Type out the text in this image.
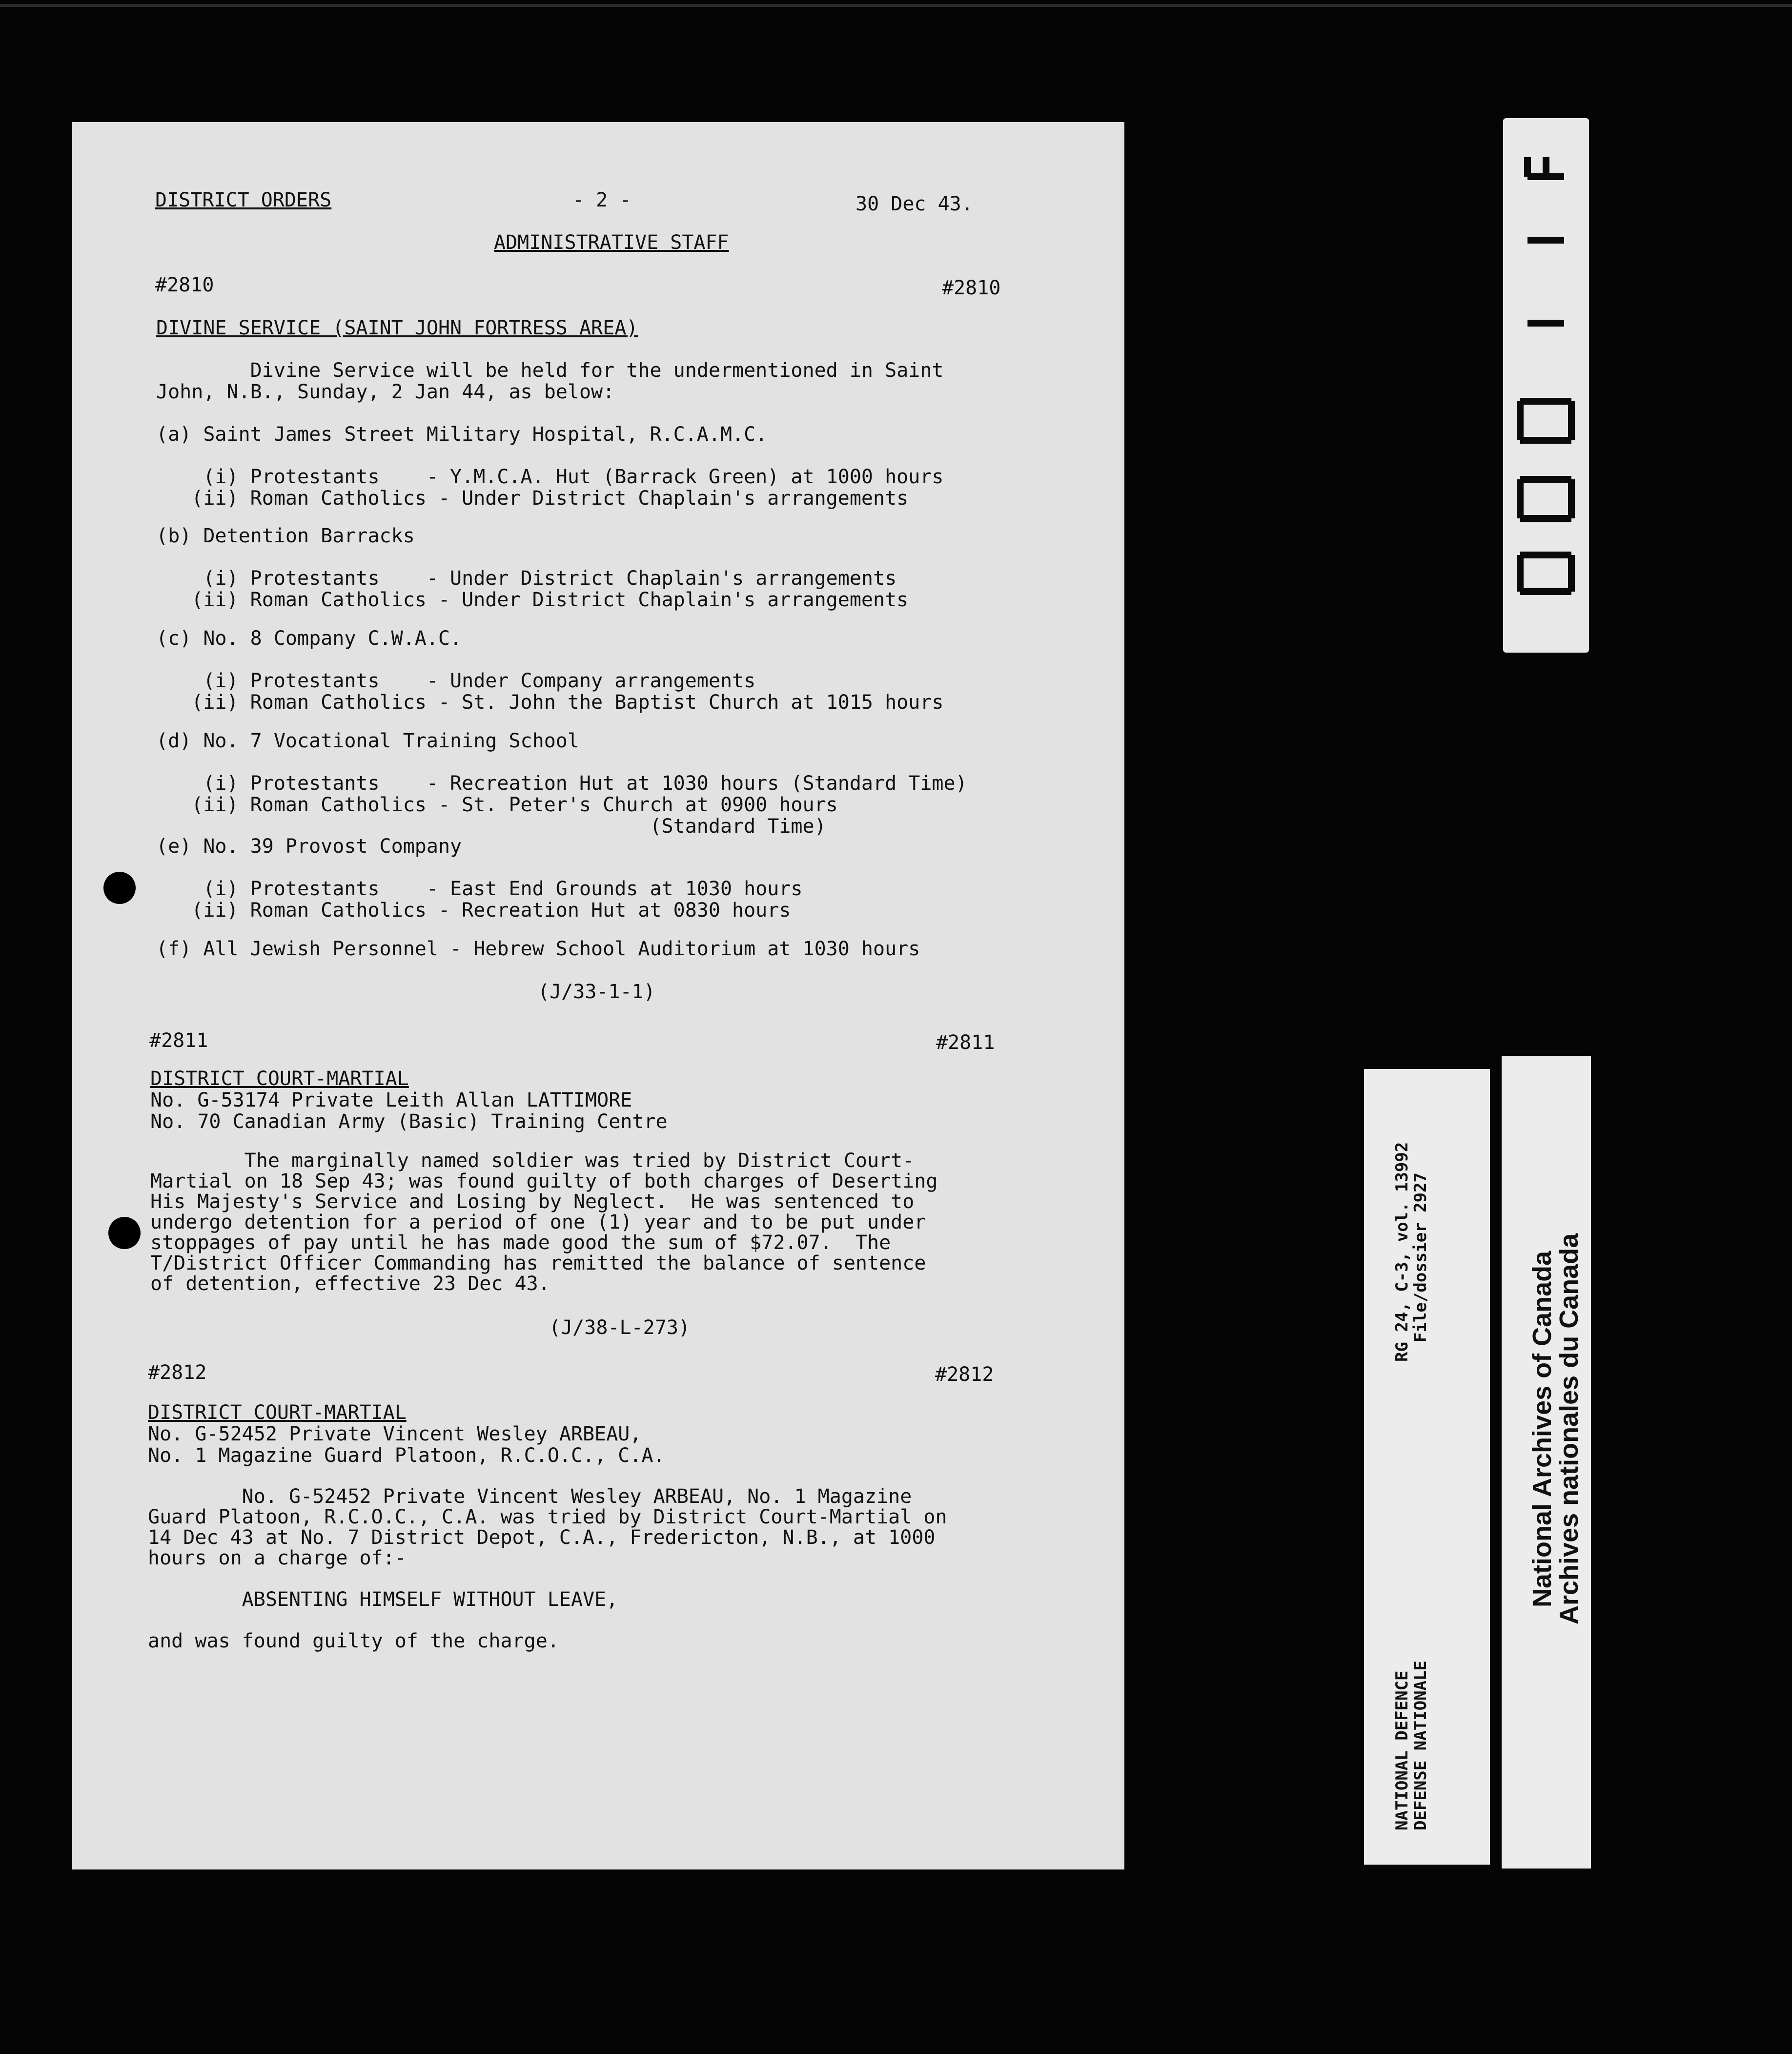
DISTRICT ORDERS	- 2 -	30 Dec 43.
ADMINISTRATIVE STAFF
#2810	#2810
DIVINE SERVICE (SAINT JOHN FORTRESS AREA)
Divine Service will be held for the undermentioned in Saint
John, N.B., Sunday, 2 Jan 44, as below:
(a) Saint James Street Military Hospital, R.C.A.M.C.
(i) Protestants    - Y.M.C.A. Hut (Barrack Green) at 1000 hours
(ii) Roman Catholics - Under District Chaplain's arrangements
(b) Detention Barracks
(i) Protestants    - Under District Chaplain's arrangements
(ii) Roman Catholics - Under District Chaplain's arrangements
(c) No. 8 Company C.W.A.C.
(i) Protestants    - Under Company arrangements
(ii) Roman Catholics - St. John the Baptist Church at 1015 hours
(d) No. 7 Vocational Training School
(i) Protestants    - Recreation Hut at 1030 hours (Standard Time)
(ii) Roman Catholics - St. Peter's Church at 0900 hours
(Standard Time)
(e) No. 39 Provost Company
(i) Protestants    - East End Grounds at 1030 hours
(ii) Roman Catholics - Recreation Hut at 0830 hours
(f) All Jewish Personnel - Hebrew School Auditorium at 1030 hours
(J/33-1-1)
#2811	#2811
DISTRICT COURT-MARTIAL
No. G-53174 Private Leith Allan LATTIMORE
No. 70 Canadian Army (Basic) Training Centre
The marginally named soldier was tried by District Court-
Martial on 18 Sep 43; was found guilty of both charges of Deserting
His Majesty's Service and Losing by Neglect.  He was sentenced to
undergo detention for a period of one (1) year and to be put under
stoppages of pay until he has made good the sum of $72.07.  The
T/District Officer Commanding has remitted the balance of sentence
of detention, effective 23 Dec 43.
(J/38-L-273)
#2812	#2812
DISTRICT COURT-MARTIAL
No. G-52452 Private Vincent Wesley ARBEAU,
No. 1 Magazine Guard Platoon, R.C.O.C., C.A.
No. G-52452 Private Vincent Wesley ARBEAU, No. 1 Magazine
Guard Platoon, R.C.O.C., C.A. was tried by District Court-Martial on
14 Dec 43 at No. 7 District Depot, C.A., Fredericton, N.B., at 1000
hours on a charge of:-
ABSENTING HIMSELF WITHOUT LEAVE,
and was found guilty of the charge.
RG 24, C-3, vol. 13992
File/dossier 2927
NATIONAL DEFENCE
DEFENSE NATIONALE
National Archives of Canada
Archives nationales du Canada
